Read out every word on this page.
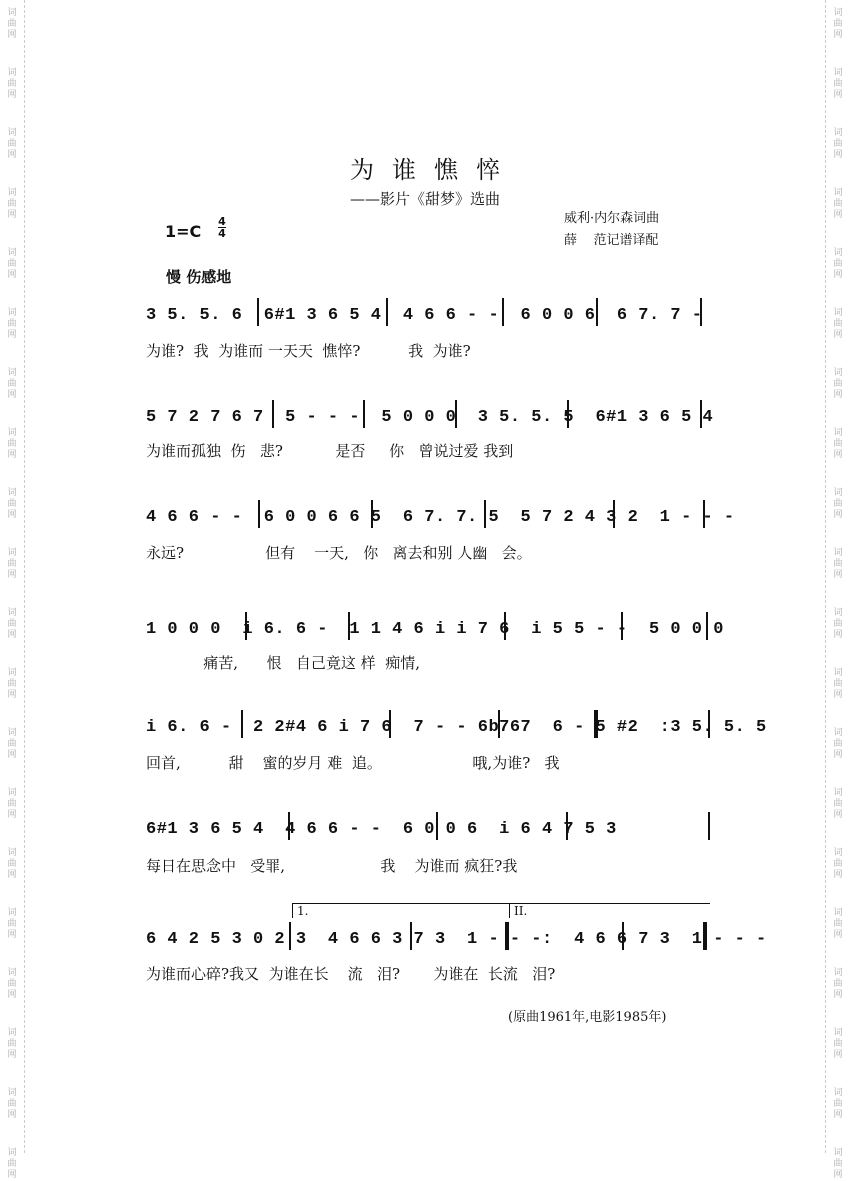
词
曲
网
词
曲
网
词
曲
网
词
曲
网
词
曲
网
词
曲
网
词
曲
网
词
曲
网
词
曲
网
词
曲
网
词
曲
网
词
曲
网
词
曲
网
词
曲
网
词
曲
网
词
曲
网
词
曲
网
词
曲
网
词
曲
网
词
曲
网
词
曲
网
词
曲
网
词
曲
网
词
曲
网
词
曲
网
词
曲
网
词
曲
网
词
曲
网
词
曲
网
词
曲
网
词
曲
网
词
曲
网
词
曲
网
词
曲
网
词
曲
网
词
曲
网
词
曲
网
词
曲
网
词
曲
网
词
曲
网
为谁憔悴
——影片《甜梦》选曲
1=C
4
4
威利·内尔森词曲
薛    范记谱译配
慢 伤感地
3 5. 5. 6  6#1 3 6 5 4  4 6 6 - -  6 0 0 6  6 7. 7 -
为谁?  我  为谁而 一天天  憔悴?          我  为谁?
5 7 2 7 6 7  5 - - -  5 0 0 0  3 5. 5. 5  6#1 3 6 5 4
为谁而孤独  伤   悲?           是否     你   曾说过爱 我到
4 6 6 - -  6 0 0 6 6 5  6 7. 7. 5  5 7 2 4 3 2  1 - - -
永远?                 但有    一天,   你   离去和别 人幽   会。
1 0 0 0  i 6. 6 -  1 1 4 6 i i 7 6  i 5 5 - -  5 0 0 0
痛苦,      恨   自己竟这 样  痴情,
i 6. 6 -  2 2#4 6 i 7 6  7 - - 6b767  6 - 5 #2  :3 5. 5. 5
回首,          甜    蜜的岁月 难  追。                   哦,为谁?   我
6#1 3 6 5 4  4 6 6 - -  6 0 0 6  i 6 4 7 5 3
每日在思念中   受罪,                    我    为谁而 疯狂?我
1.	II.
6 4 2 5 3 0 2 3  4 6 6 3 7 3  1 - - -:  4 6 6 7 3  1 - - -
为谁而心碎?我又  为谁在长    流   泪?       为谁在  长流   泪?
(原曲1961年,电影1985年)
